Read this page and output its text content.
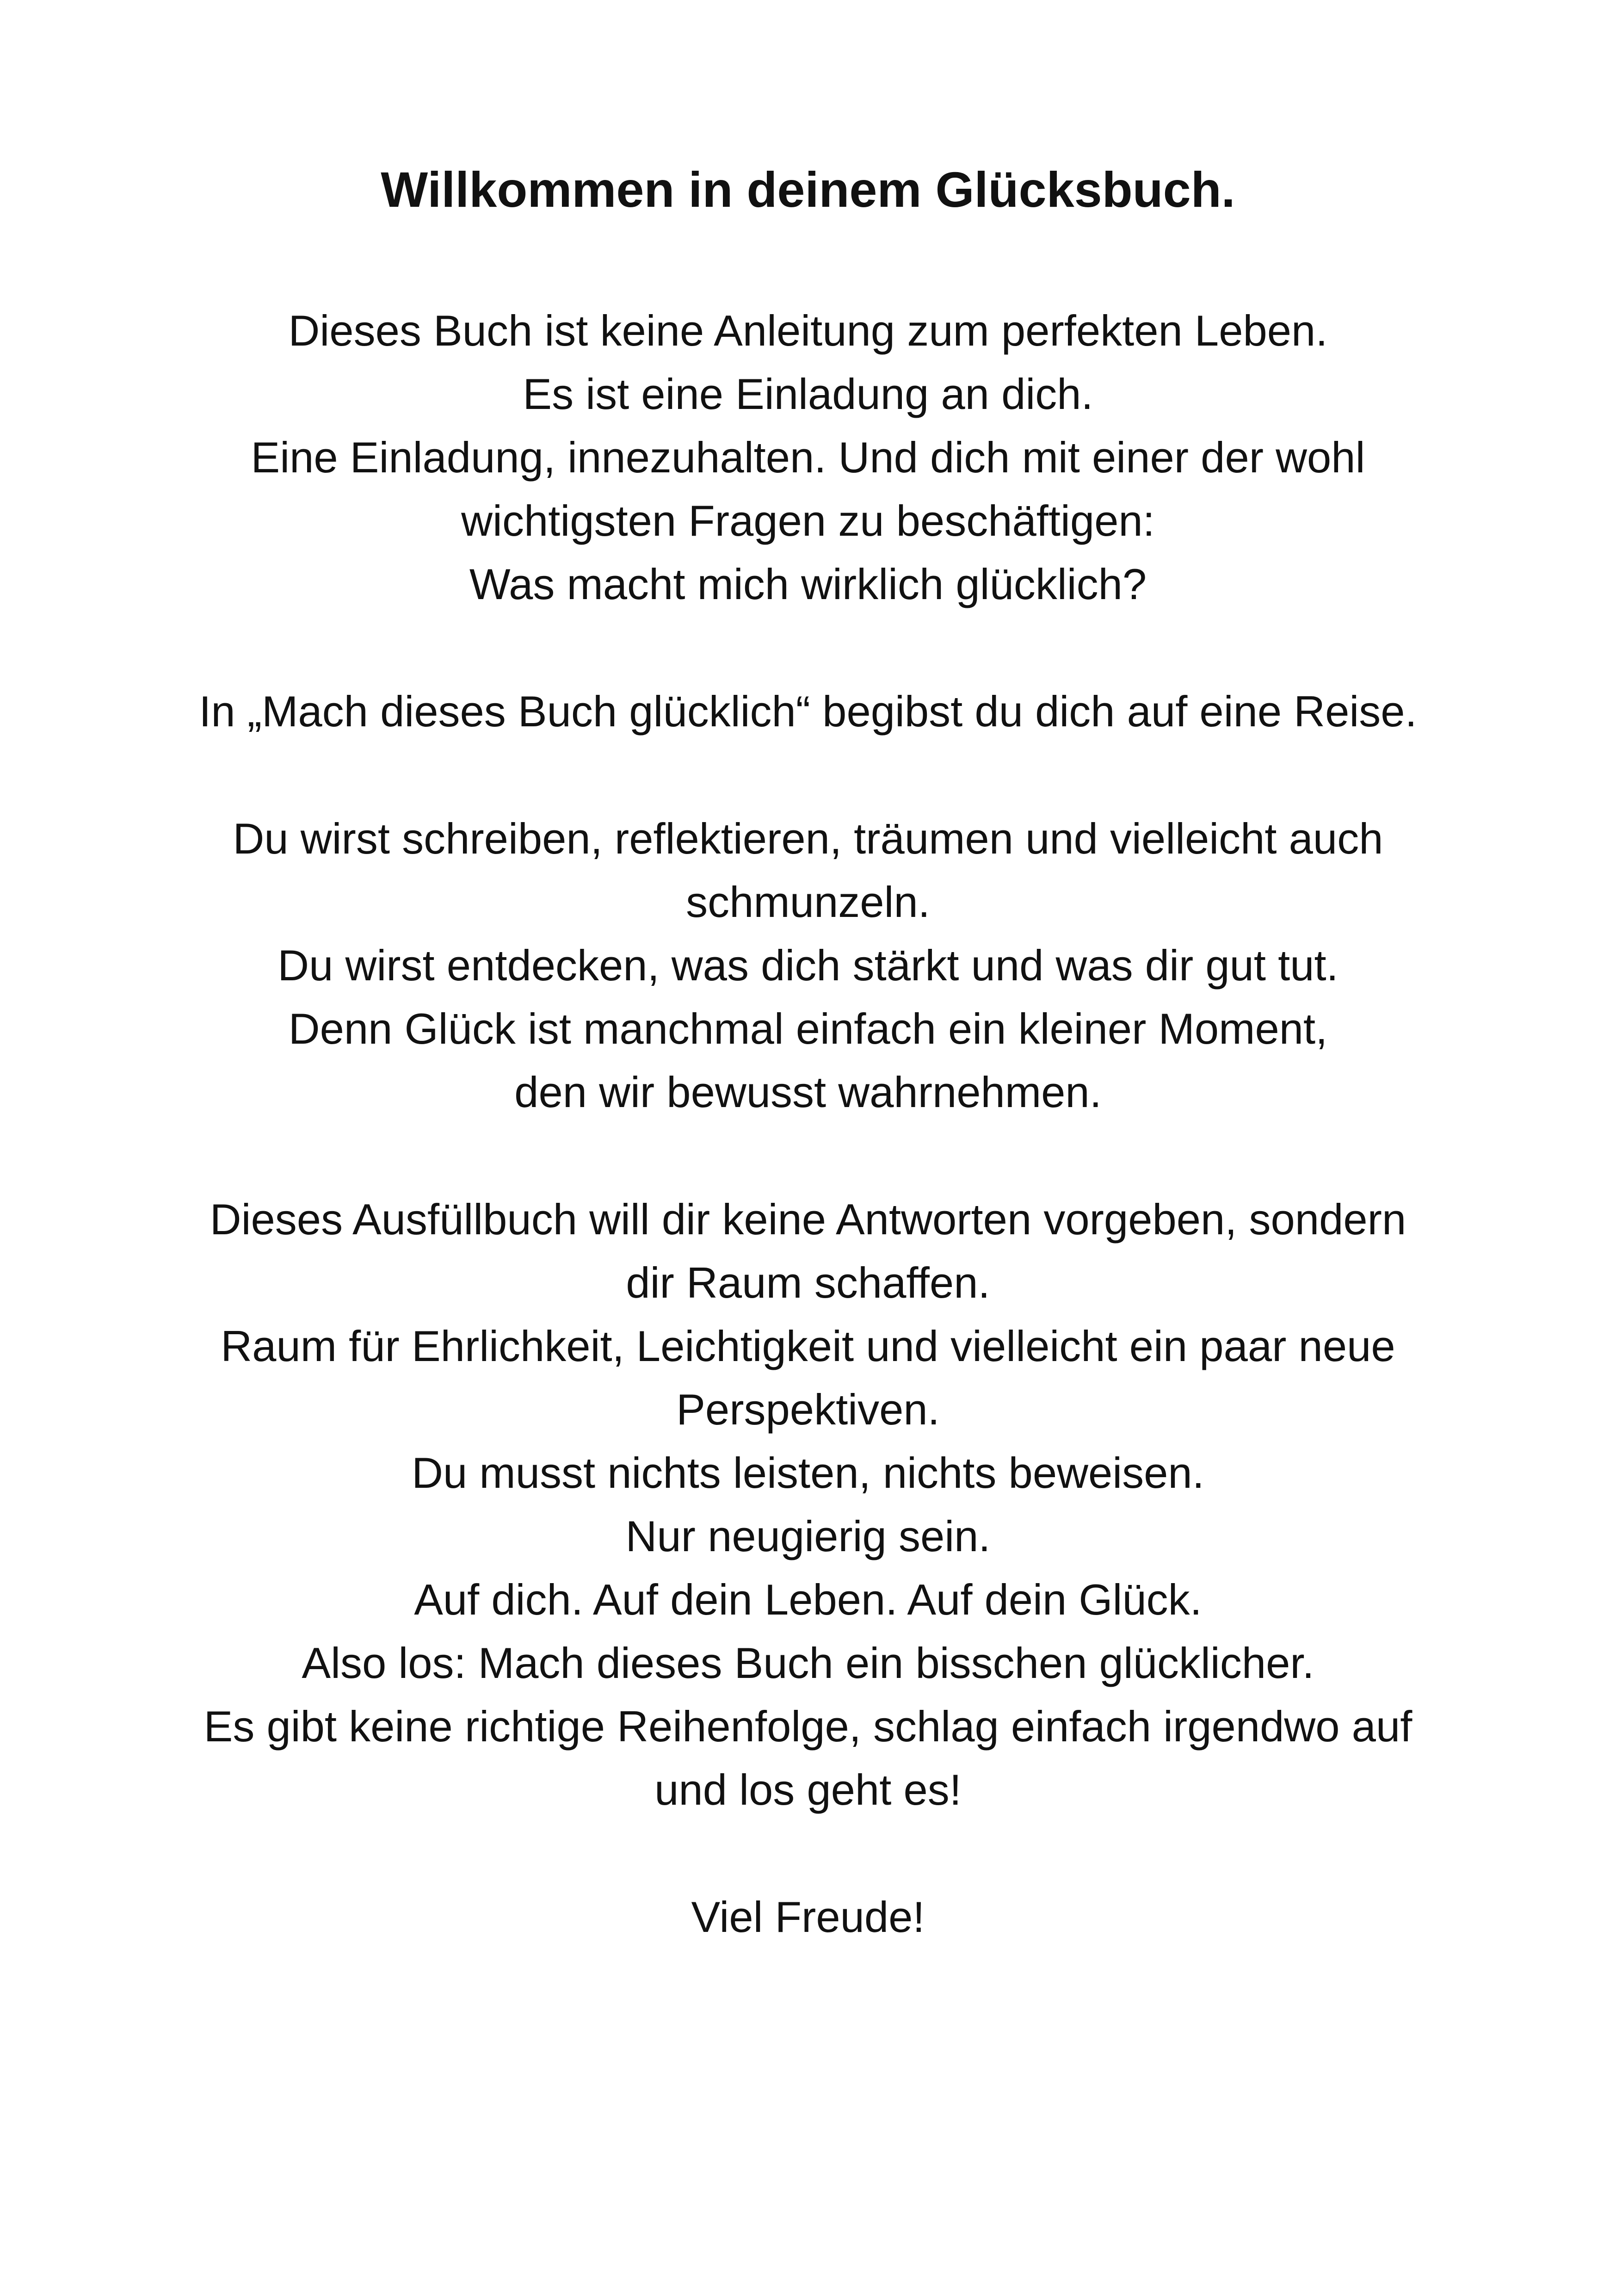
Willkommen in deinem Glücksbuch.

Dieses Buch ist keine Anleitung zum perfekten Leben.

Es ist eine Einladung an dich.

Eine Einladung, innezuhalten. Und dich mit einer der wohl

wichtigsten Fragen zu beschäftigen:

Was macht mich wirklich glücklich?

In „Mach dieses Buch glücklich“ begibst du dich auf eine Reise.

Du wirst schreiben, reflektieren, träumen und vielleicht auch

schmunzeln.

Du wirst entdecken, was dich stärkt und was dir gut tut.

Denn Glück ist manchmal einfach ein kleiner Moment,

den wir bewusst wahrnehmen.

Dieses Ausfüllbuch will dir keine Antworten vorgeben, sondern

dir Raum schaffen.

Raum für Ehrlichkeit, Leichtigkeit und vielleicht ein paar neue

Perspektiven.

Du musst nichts leisten, nichts beweisen.

Nur neugierig sein.

Auf dich. Auf dein Leben. Auf dein Glück.

Also los: Mach dieses Buch ein bisschen glücklicher.

Es gibt keine richtige Reihenfolge, schlag einfach irgendwo auf

und los geht es!

Viel Freude!
